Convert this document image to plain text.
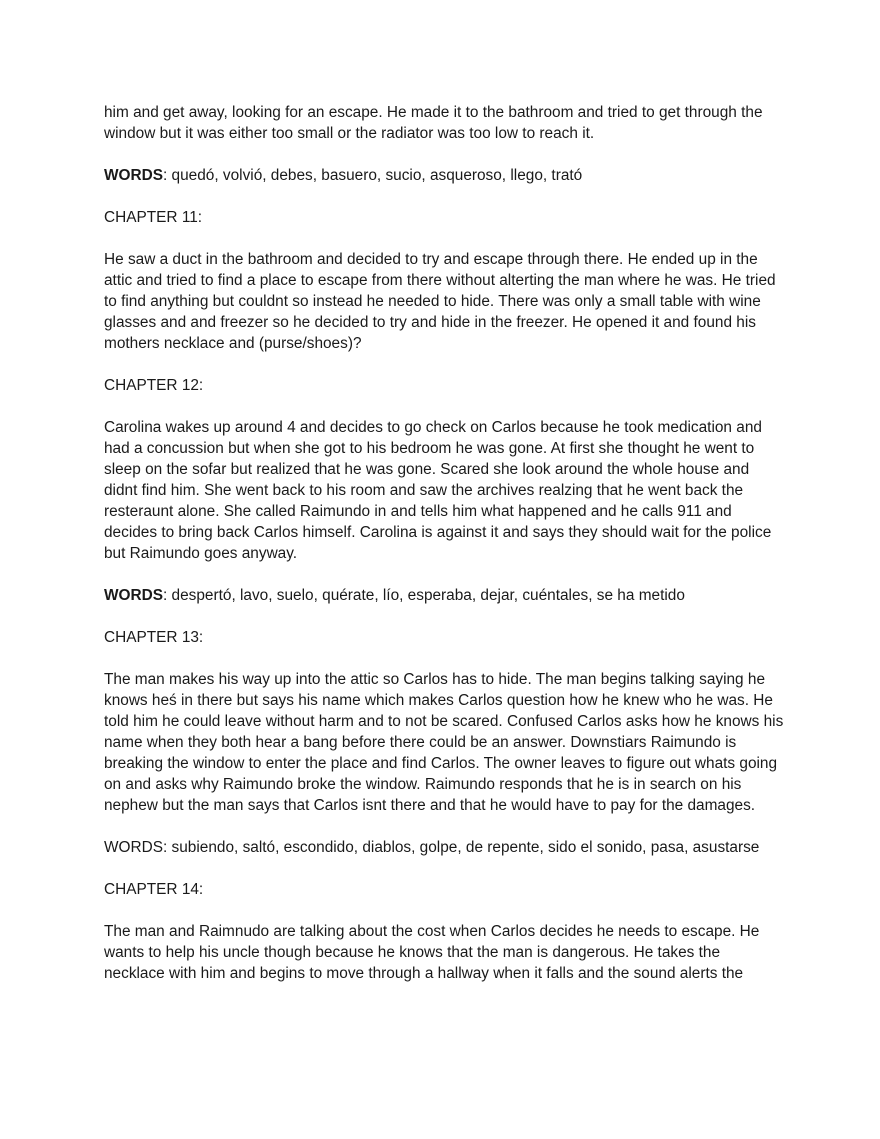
him and get away, looking for an escape. He made it to the bathroom and tried to get through the window but it was either too small or the radiator was too low to reach it.

WORDS: quedó, volvió, debes, basuero, sucio, asqueroso, llego, trató

CHAPTER 11:

He saw a duct in the bathroom and decided to try and escape through there. He ended up in the attic and tried to find a place to escape from there without alterting the man where he was. He tried to find anything but couldnt so instead he needed to hide. There was only a small table with wine glasses and and freezer so he decided to try and hide in the freezer. He opened it and found his mothers necklace and (purse/shoes)?

CHAPTER 12:

Carolina wakes up around 4 and decides to go check on Carlos because he took medication and had a concussion but when she got to his bedroom he was gone. At first she thought he went to sleep on the sofar but realized that he was gone. Scared she look around the whole house and didnt find him. She went back to his room and saw the archives realzing that he went back the resteraunt alone. She called Raimundo in and tells him what happened and he calls 911 and decides to bring back Carlos himself. Carolina is against it and says they should wait for the police but Raimundo goes anyway.

WORDS: despertó, lavo, suelo, quérate, lío, esperaba, dejar, cuéntales, se ha metido

CHAPTER 13:

The man makes his way up into the attic so Carlos has to hide. The man begins talking saying he knows heś in there but says his name which makes Carlos question how he knew who he was. He told him he could leave without harm and to not be scared. Confused Carlos asks how he knows his name when they both hear a bang before there could be an answer. Downstiars Raimundo is breaking the window to enter the place and find Carlos. The owner leaves to figure out whats going on and asks why Raimundo broke the window. Raimundo responds that he is in search on his nephew but the man says that Carlos isnt there and that he would have to pay for the damages.

WORDS: subiendo, saltó, escondido, diablos, golpe, de repente, sido el sonido, pasa, asustarse

CHAPTER 14:

The man and Raimnudo are talking about the cost when Carlos decides he needs to escape. He wants to help his uncle though because he knows that the man is dangerous. He takes the necklace with him and begins to move through a hallway when it falls and the sound alerts the
